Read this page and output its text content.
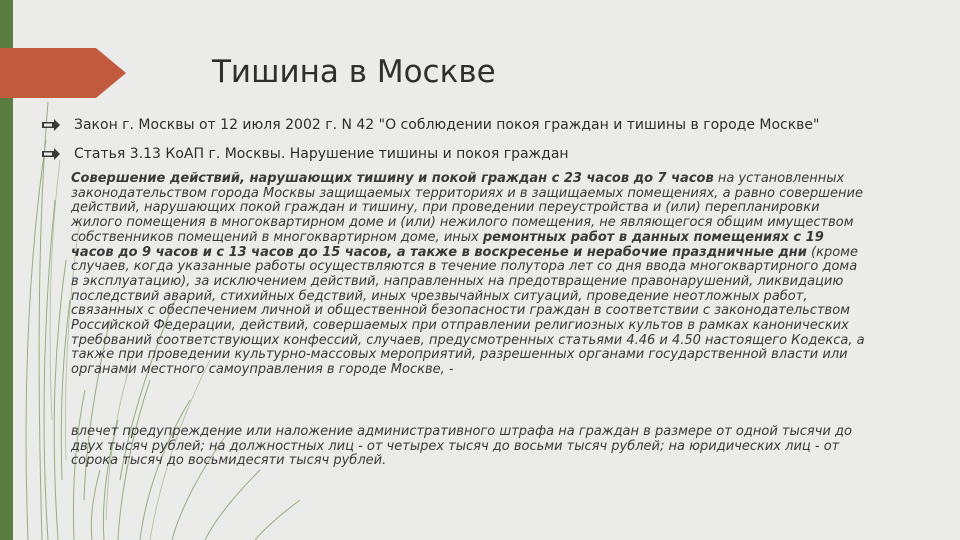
Тишина в Москве
Закон г. Москвы от 12 июля 2002 г. N 42 "О соблюдении покоя граждан и тишины в городе Москве"
Статья 3.13 КоАП г. Москвы. Нарушение тишины и покоя граждан

Совершение действий, нарушающих тишину и покой граждан с 23 часов до 7 часов на установленных законодательством города Москвы защищаемых территориях и в защищаемых помещениях, а равно совершение действий, нарушающих покой граждан и тишину, при проведении переустройства и (или) перепланировки жилого помещения в многоквартирном доме и (или) нежилого помещения, не являющегося общим имуществом собственников помещений в многоквартирном доме, иных ремонтных работ в данных помещениях с 19 часов до 9 часов и с 13 часов до 15 часов, а также в воскресенье и нерабочие праздничные дни (кроме случаев, когда указанные работы осуществляются в течение полутора лет со дня ввода многоквартирного дома в эксплуатацию), за исключением действий, направленных на предотвращение правонарушений, ликвидацию последствий аварий, стихийных бедствий, иных чрезвычайных ситуаций, проведение неотложных работ, связанных с обеспечением личной и общественной безопасности граждан в соответствии с законодательством Российской Федерации, действий, совершаемых при отправлении религиозных культов в рамках канонических требований соответствующих конфессий, случаев, предусмотренных статьями 4.46 и 4.50 настоящего Кодекса, а также при проведении культурно-массовых мероприятий, разрешенных органами государственной власти или органами местного самоуправления в городе Москве, -

влечет предупреждение или наложение административного штрафа на граждан в размере от одной тысячи до двух тысяч рублей; на должностных лиц - от четырех тысяч до восьми тысяч рублей; на юридических лиц - от сорока тысяч до восьмидесяти тысяч рублей.
